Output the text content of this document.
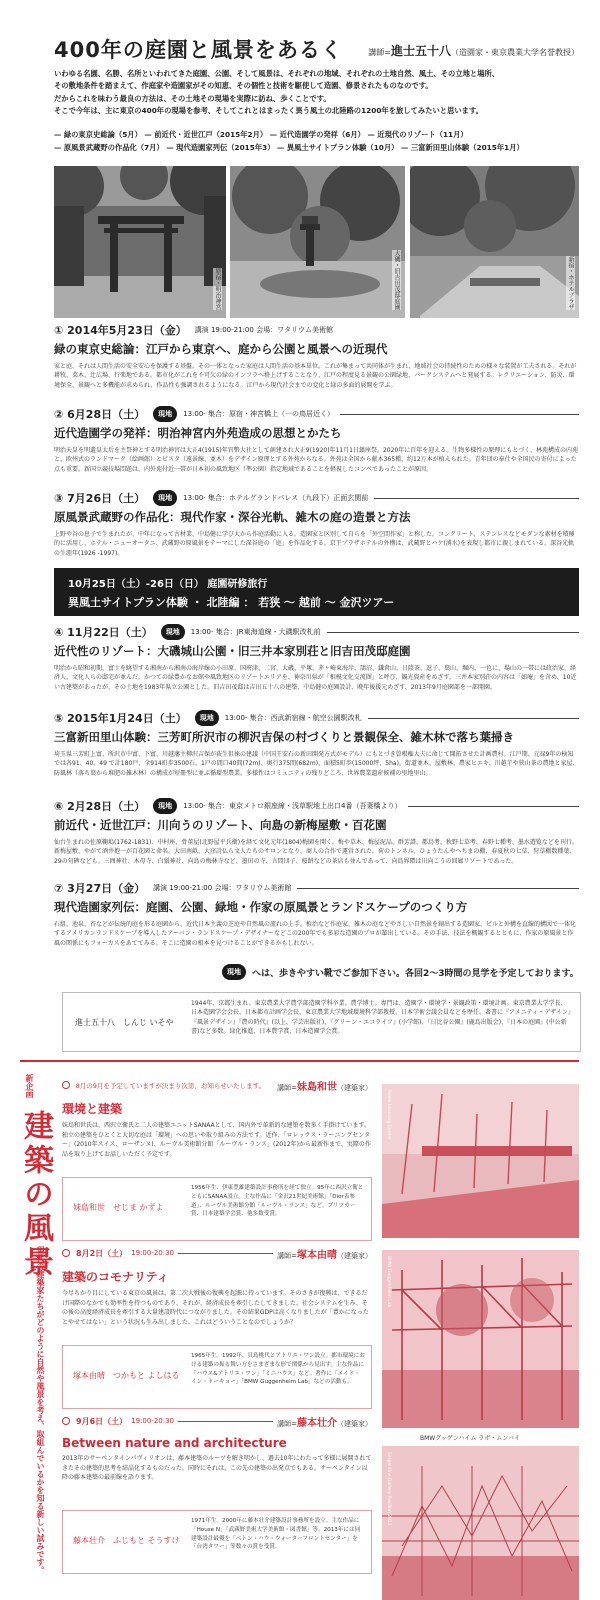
400年の庭園と風景をあるく	講師=進士五十八（造園家・東京農業大学名誉教授）

いわゆる名園、名勝、名所といわれてきた庭園、公園、そして風景は、それぞれの地域、それぞれの土地自然、風土、その立地と場所、

その敷地条件を踏まえて、作庭家や造園家がその知恵、その個性と技術を駆使して造園、修景されたものなのです。

だからこれを味わう最良の方法は、その土地その現場を実際に訪ね、歩くことです。

そこで今年は、主に東京の400年の現場を参考、そしてこれとはまったく異う風土の北陸路の1200年を旅してみたいと思います。

— 緑の東京史総論（5月） — 前近代・近世江戸（2015年2月） — 近代造園学の発祥（6月） — 近現代のリゾート（11月）
— 原風景武蔵野の作品化（7月） — 現代造園家列伝（2015年3） — 異風土サイトプラン体験（10月） — 三富新田里山体験（2015年1月）
原宿・明治神宮	大磯・旧吉田茂邸庭園	新宿・ホテルプラザ
① 2014年5月23日（金） 講演 19:00-21:00
会場：ワタリウム美術館
緑の東京史総論：江戸から東京へ、庭から公園と風景への近現代
家と庭、それは人間生活の安全安心を保護する基盤。その一体となった家庭は人間生活の基本単位。これが集まって共同体が生まれ、地域社会の持続性のための様々な装置が工夫される。それが耕牧、菜木、辻広場、行楽地である。都市化がこれを不可欠の緑のインフラへ格上げすることなり、江戸の程度見る景観の公園緑地、パークシステムへと発展する。レクリエーション、防災、環境保全、景観へと多機能が求められ、作品性も強調されるようになる。江戸から現代社会までの変化と緑の多面的展開を学ぶ。
② 6月28日（土）	現地	13:00-
集合：原宿・神宮橋上（一の鳥居近く）
近代造園学の発祥：明治神宮内外苑造成の思想とかたち
明治天皇を明遺皇太后を主祭神とする明治神宮は大正4(1915)年官幣大社として創建され大正9(1920)年11月1日鎮座祭。2020年に百年を迎える。生物多様性の原理にもとづく、林苑構成の内苑と、欧州式のランドマーク（絵画館）とビスタ（遠景線、並木）をデザイン原理とする外苑からなる。外苑は全国から献木365種、約12万本が植えられた。青年団の奉仕や全国民の寄付によった点も重要。新国立競技場問題は、内外苑付近一帯が日本初の風致地区（準公園）指定地域であることを軽視したコンペであったことが原因。
③ 7月26日（土）	現地	13:00-
集合：ホテルグランドパレス（九段下）正面玄関前
原風景武蔵野の作品化：現代作家・深谷光軌、雑木の庭の造景と方法
上野や谷の息子で生まれたが、中年になって古材業、中島健に学び大から作庭活動に入る。造園家と区別して自らを「外空間作家」と称した。コンクリート、ステンレスなどモダンな素材を積極的に活用し、ホテル・ニューオータニ、武蔵野の原風景をテーマにした深谷庭の「庭」を作品化する。京王プラザホテルの外構は、武蔵野とハケ(湧水)を表現し都市に親しまれている。深谷光軌の生涯年(1926 -1997)。
10月25日（土）-26日（日） 庭園研修旅行
異風土サイトプラン体験 ・ 北陸編 ： 若狭 〜 越前 〜 金沢ツアー
④ 11月22日（土）	現地	13:00-
集合：JR東海道線・大磯駅改札前
近代性のリゾート：大磯城山公園・旧三井本家別荘と旧吉田茂邸庭園
明治から昭和初期、富士を眺望する湘南から湘南の海岸線の小田原、国府津、二宮、大磯、平塚、茅ヶ崎東海岸、鵠沼、鎌倉山、日陰茶、逗子、葉山、堀内、一色に、場山の一帯には政治家、経済人、文化人らの邸宅が並んだ。かつての緑豊かなお館や風致地区のリゾートエリアを、神奈川県が「相模文化交流圏」と呼び、観光資産をめざす。三井本家別荘の内容は「如庵」を含め、10近い古建築があったが、その土地を1983年県立公園とした。旧吉田茂邸は吉田五十八の建築、中島健の庭園設計、晩年後援元めざす、2013年9月庭園部を一部開園。
⑤ 2015年1月24日（土）	現地	13:00-
集合：西武新宿線・航空公園駅改札
三富新田里山体験：三芳町所沢市の柳沢吉保の村づくりと景観保全、雑木林で落ち葉掃き
埼玉県三芳町上富、所沢市中富、下富、川越藩主柳沢吉保が荻生徂徠の建議（中国王安石の新田開発方式がモデル）にもとづき曽根権大夫に命じて開拓させた計画農村。江戸期、元禄9年の検知では各91、40、49 で計180戸、全914町歩3500石。1戸の間口40間(72m)、奥行375間(682m)、面積5町歩(15000坪、5ha)。街道並木、屋敷林、農家ヒエキ、川越芋や狭山茶の農地と家屋、防風林（落ち葉から堆肥の雑木林）の構成が短冊型に並ぶ循環型農業。多様性はコミュニティの残りどころ、世界農業遺産候補の里地里山。
⑥ 2月28日（土）	現地	13:00-
集合：東京メトロ銀座線・浅草駅地上出口4番（吾妻橋より）
前近代・近世江戸：川向うのリゾート、向島の新梅屋敷・百花園
仙台生まれの佐原鞠塢(1762-1831)、中村座、骨董屋(北野屋平兵衛)を経て文化元年(1804)梅園を開く。梅や草木、梅屋泥品、群芳譜、都鳥考、秋野七草考、春野七種考、墨水遊覧などを刊行。新梅屋敷、やがて酒井抱一が百花園と命名。大田南畝、大窪詩仏ら文人たちのサロンとなり、商人の合作で運営された。荷のトンネル、ひょうたんやへちまの棚、春夏秋の七草、狩草棚数種葉、29の句碑なども。三囲神社、木母寺、白鬚神社、向島の梅林寺など、墨田の寺、言問団子、桜餅などの茶店も並んであって、向島界隈は川向こうの回廊リゾートであった。
⑦ 3月27日（金） 講演 19:00-21:00
会場：ワタリウム美術館
現代造園家列伝：庭園、公園、緑地・作家の原風景とランドスケープのつくり方
石組、池泉、苔などが伝統的庭を形る庭園から、近代日本主義の芝庭や自然風の流れの上手。植治など作庭家、雑木の庭などやさしい自然景を創出する造園家、ビルと外構を直線的構図で一体化するアメリカンランドスケープを導入したアーバン・ランドスケープ・デザイナーなどこの200年でも多彩な造園のプロが輩出している。その手法、技法を概観するとともに、作家の原風景と作風の関係にもフォーカスをあててみる。そこに造園の根本を見つけることができるかもしれない。
現地	へは、歩きやすい靴でご参加下さい。各回2〜3時間の見学を予定しております。
進士五十八　しんじ いそや
1944年、京都生まれ。東京農業大学農学部造園学科卒業。農学博士。専門は、造園学・環境学・景観政策・環境計画。東京農業大学学長、日本造園学会会長、日本都市計画学会長、東京農業大学地域環境科学部教授、日本学術会議会員などを歴任。著書に『アメニティ・デザイン』『風景デザイン』『農の時代』(以上、学芸出版社)、『グリーン・エコライフ』(小学館)、『日比谷公園』(鹿島出版会)、『日本の庭園』(中公新書)など多数。緑化推進、日本農学賞、日本造園学会賞。
新企画
建築の風景
現代の建築家たちがどのように自然や風景を考え、取組んでいるかを知る新しい試みです。
8月の9月を予定していますが決まり次第、お知らせいたします。 講師=妹島和世（建築家）
環境と建築
妹島和世氏は、西沢立衛氏と二人の建築ユニットSANAAとして、国内外で革新的な建築を数多く手掛けています。独立の建築をひとくと大切な庭は「環境」への思いや取り組みの方法です。近作、「ロレックス・ラーニングセンター」(2010年スイス、ローザンヌ)、ルーヴル美術館分館「ルーヴル・ランス」(2012年)から最新作まで、実際の作品を取り上げてお話しいただく予定です。
妹島和世　せじま かずよ
1956年生、伊東豊雄建築設計事務所を経て独立。95年に西沢立衛とともにSANAA設立。主な作品に「金沢21世紀美術館」「Dior表参道」、ルーヴル美術館分館「ルーヴル・ランス」など。プリツカー賞、日本建築学会賞、他多数受賞。
8月2日（土） 19:00-20:30	講師=塚本由晴（建築家）
建築のコモナリティ
今尽ちかり目にしている東京の風景は、第二次大戦後の復興を起源に持っています。そのさきが復興は、できるだけ国際のなかでも効率性を持つものであり、それが、経済成長を牽引したしてきました。社会システムを生み、その後の高度経済成長を牽引する大量建設時代につながりました。その結果GDPは高くなりましたが「豊かになったとやせてはない」という状況も生み出しました。これはどういうことなのでしょうか？
塚本由晴　つかもと よしはる
1965年生。1992年、貝島桃代とアトリエ・ワン設立。都市環境における建築の振る舞い方をさまざまな形で関係から見出す。主な作品に「ハウス&アトリエ・ワン」「ミニハウス」など。著作に「メイド・イン・トーキョー」「BMW Guggenheim Lab」などの活動も。
9月6日（土） 19:00-20:30	講師=藤本壮介（建築家）
Between nature and architecture
2013年のサーペンタインパヴィリオンは、藤本建築のルーツを解き明かし、過去10年にわたって多様に展開されてきたその建築的思考を結晶化するものだった。同時にそれは、この先の建築の出発点でもある。サーペンタイン以降の藤本建築の最前線を語ります。
藤本壮介　ふじもと そうすけ
1971年生。2000年に藤本壮介建築設計事務所を設立。主な作品に「House N」「武蔵野美術大学美術館・図書館」等。2013年には同建築設計最優を「ベトン・ハウ・ウォーターフロントセンター」を「台湾タワー」等数々の賞を受賞。
Rolex Learning Center
BMW Guggenheim Lab
BMWグッゲンハイム ラボ・ムンバイ
Serpentine Gallery Pavilion 2013
